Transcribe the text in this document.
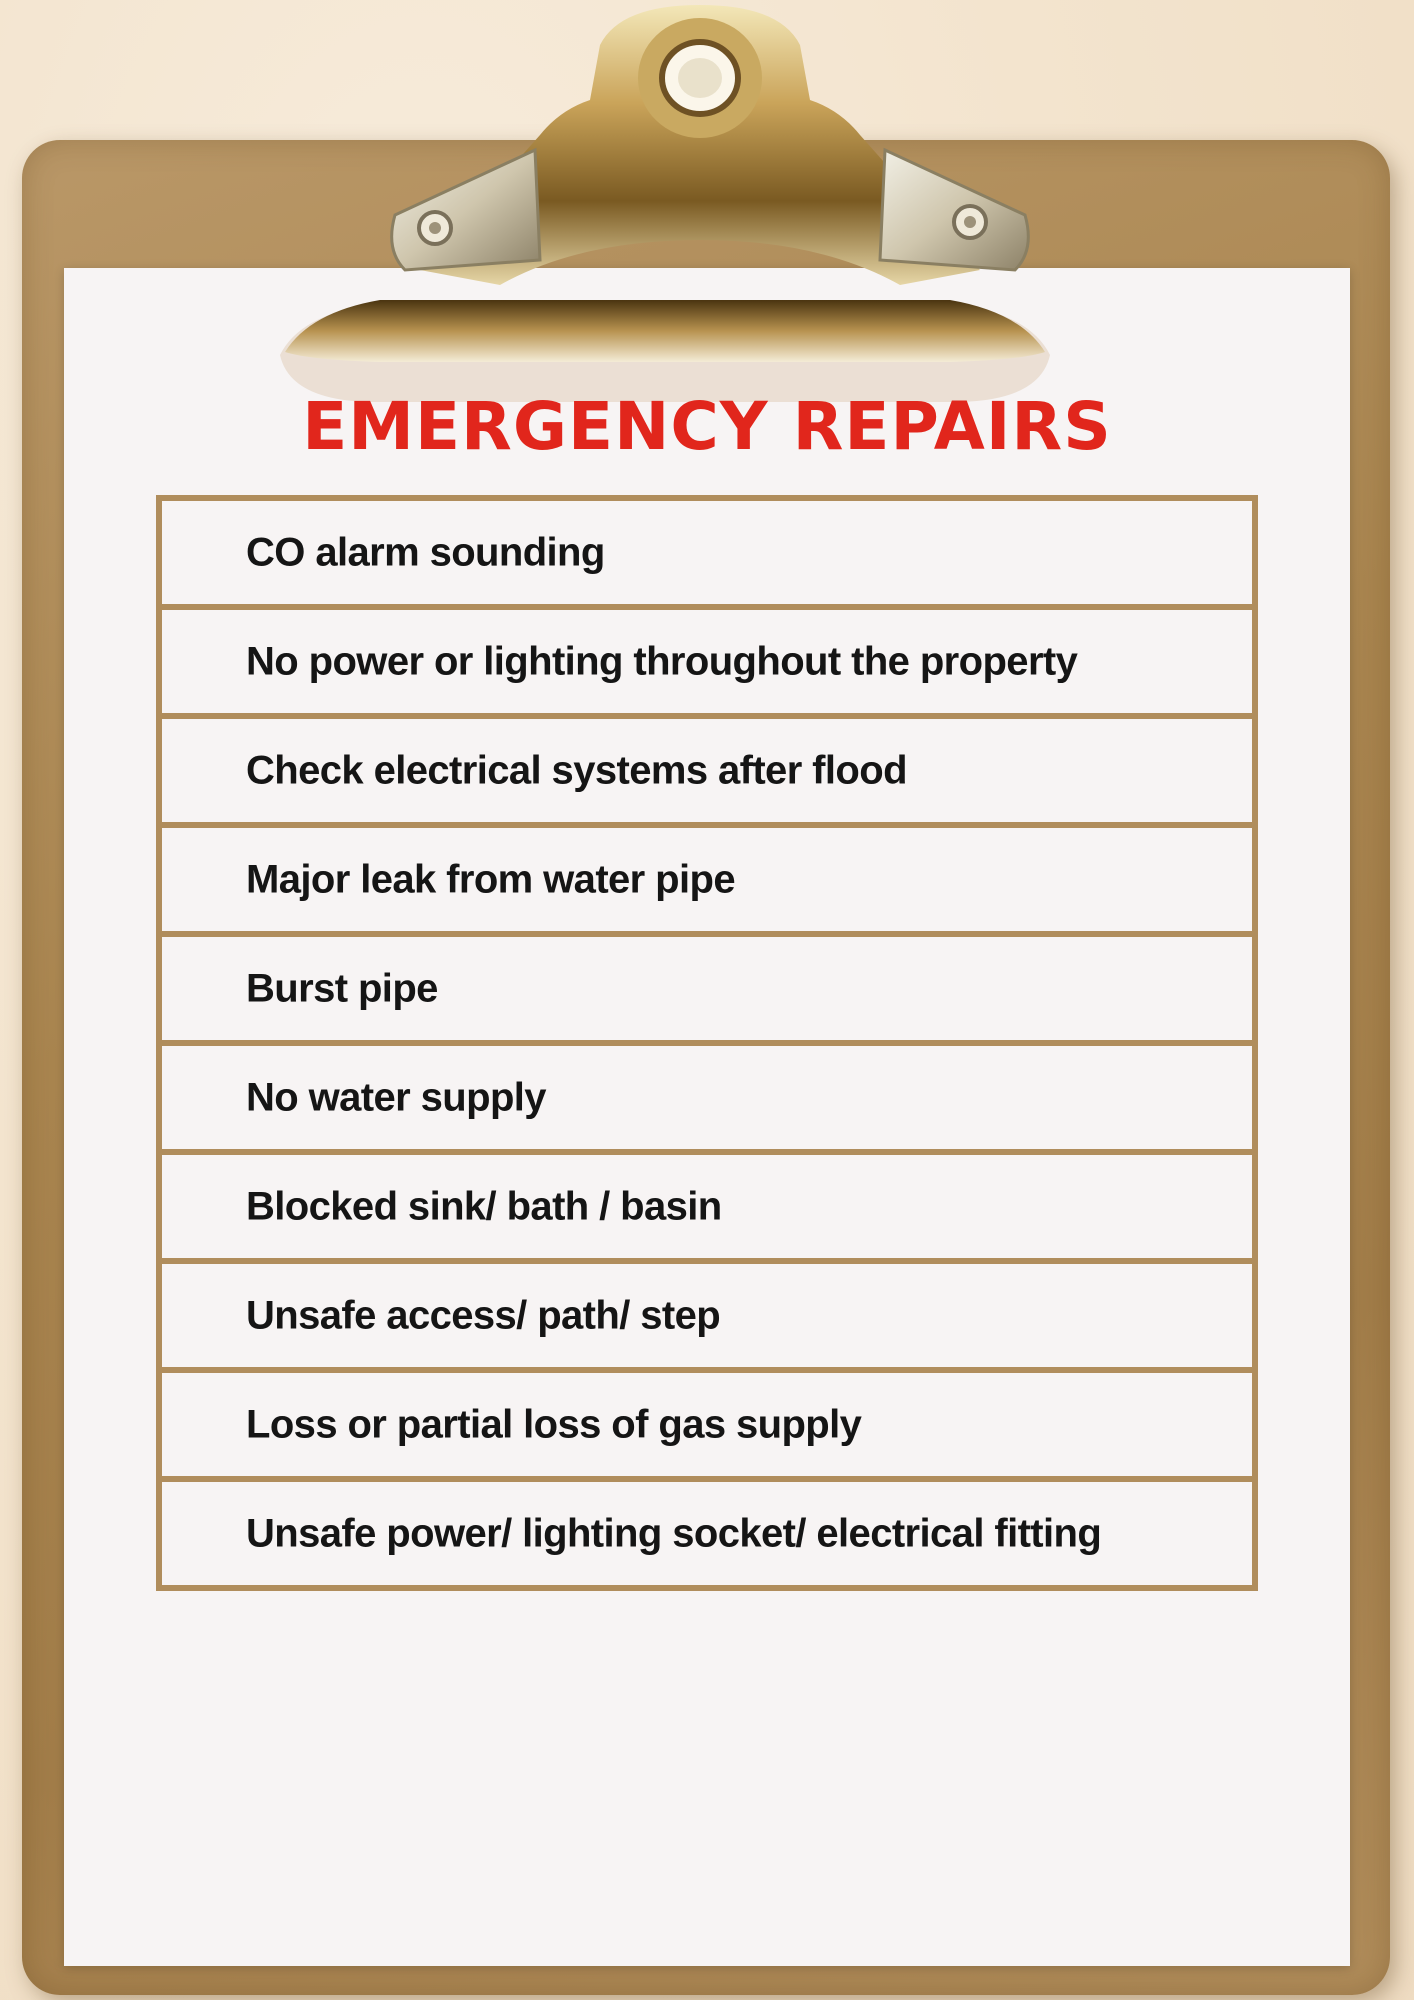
EMERGENCY REPAIRS
CO alarm sounding
No power or lighting throughout the property
Check electrical systems after flood
Major leak from water pipe
Burst pipe
No water supply
Blocked sink/ bath / basin
Unsafe access/ path/ step
Loss or partial loss of gas supply
Unsafe power/ lighting socket/ electrical fitting
